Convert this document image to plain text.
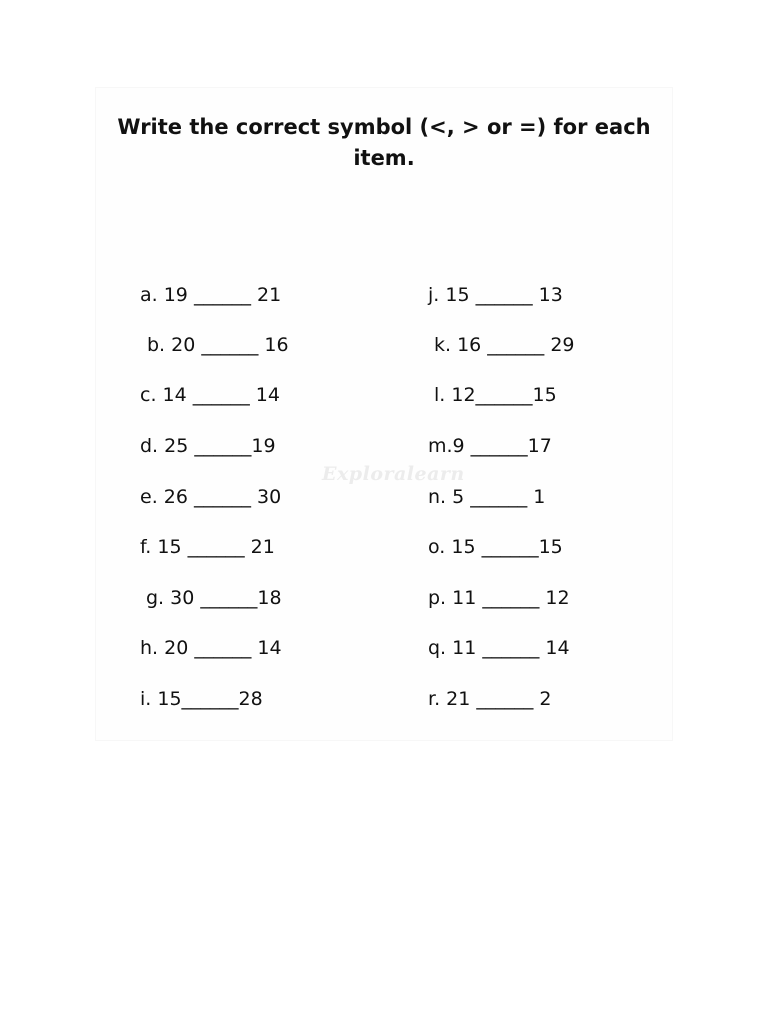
Write the correct symbol (<, > or =) for each
item.
Exploralearn
a. 19 ______ 21
b. 20 ______ 16
c. 14 ______ 14
d. 25 ______19
e. 26 ______ 30
f. 15 ______ 21
g. 30 ______18
h. 20 ______ 14
i. 15______28
j. 15 ______ 13
k. 16 ______ 29
l. 12______15
m.9 ______17
n. 5 ______ 1
o. 15 ______15
p. 11 ______ 12
q. 11 ______ 14
r. 21 ______ 2
